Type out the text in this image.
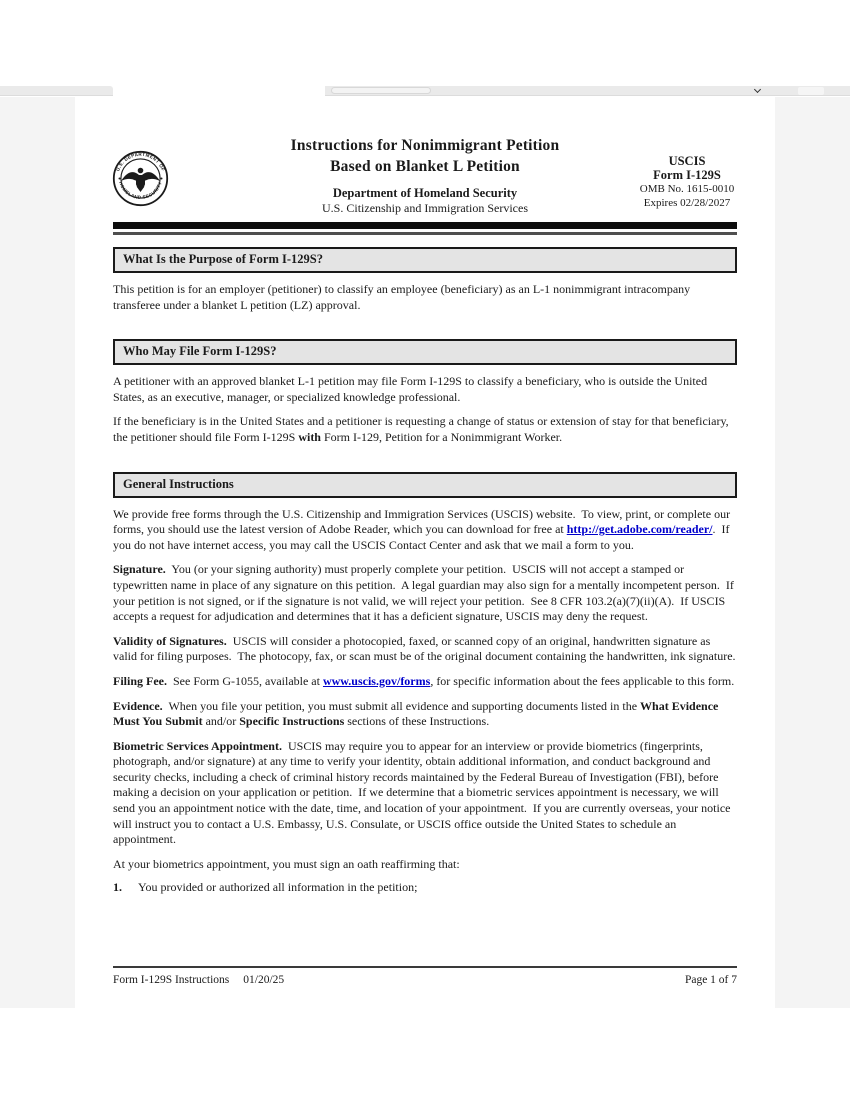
U.S. DEPARTMENT OF
HOMELAND SECURITY
Instructions for Nonimmigrant Petition
Based on Blanket L Petition
Department of Homeland Security
U.S. Citizenship and Immigration Services
USCIS
Form I-129S
OMB No. 1615-0010
Expires 02/28/2027
What Is the Purpose of Form I-129S?

This petition is for an employer (petitioner) to classify an employee (beneficiary) as an L-1 nonimmigrant intracompany transferee under a blanket L petition (LZ) approval.

Who May File Form I-129S?

A petitioner with an approved blanket L-1 petition may file Form I-129S to classify a beneficiary, who is outside the United States, as an executive, manager, or specialized knowledge professional.

If the beneficiary is in the United States and a petitioner is requesting a change of status or extension of stay for that beneficiary, the petitioner should file Form I-129S with Form I-129, Petition for a Nonimmigrant Worker.

General Instructions

We provide free forms through the U.S. Citizenship and Immigration Services (USCIS) website.  To view, print, or complete our forms, you should use the latest version of Adobe Reader, which you can download for free at http://get.adobe.com/reader/.  If you do not have internet access, you may call the USCIS Contact Center and ask that we mail a form to you.

Signature.  You (or your signing authority) must properly complete your petition.  USCIS will not accept a stamped or typewritten name in place of any signature on this petition.  A legal guardian may also sign for a mentally incompetent person.  If your petition is not signed, or if the signature is not valid, we will reject your petition.  See 8 CFR 103.2(a)(7)(ii)(A).  If USCIS accepts a request for adjudication and determines that it has a deficient signature, USCIS may deny the request.

Validity of Signatures.  USCIS will consider a photocopied, faxed, or scanned copy of an original, handwritten signature as valid for filing purposes.  The photocopy, fax, or scan must be of the original document containing the handwritten, ink signature.

Filing Fee.  See Form G-1055, available at www.uscis.gov/forms, for specific information about the fees applicable to this form.

Evidence.  When you file your petition, you must submit all evidence and supporting documents listed in the What Evidence Must You Submit and/or Specific Instructions sections of these Instructions.

Biometric Services Appointment.  USCIS may require you to appear for an interview or provide biometrics (fingerprints, photograph, and/or signature) at any time to verify your identity, obtain additional information, and conduct background and security checks, including a check of criminal history records maintained by the Federal Bureau of Investigation (FBI), before making a decision on your application or petition.  If we determine that a biometric services appointment is necessary, we will send you an appointment notice with the date, time, and location of your appointment.  If you are currently overseas, your notice will instruct you to contact a U.S. Embassy, U.S. Consulate, or USCIS office outside the United States to schedule an appointment.

At your biometrics appointment, you must sign an oath reaffirming that:

1.	You provided or authorized all information in the petition;
Form I-129S Instructions 01/20/25	Page 1 of 7
